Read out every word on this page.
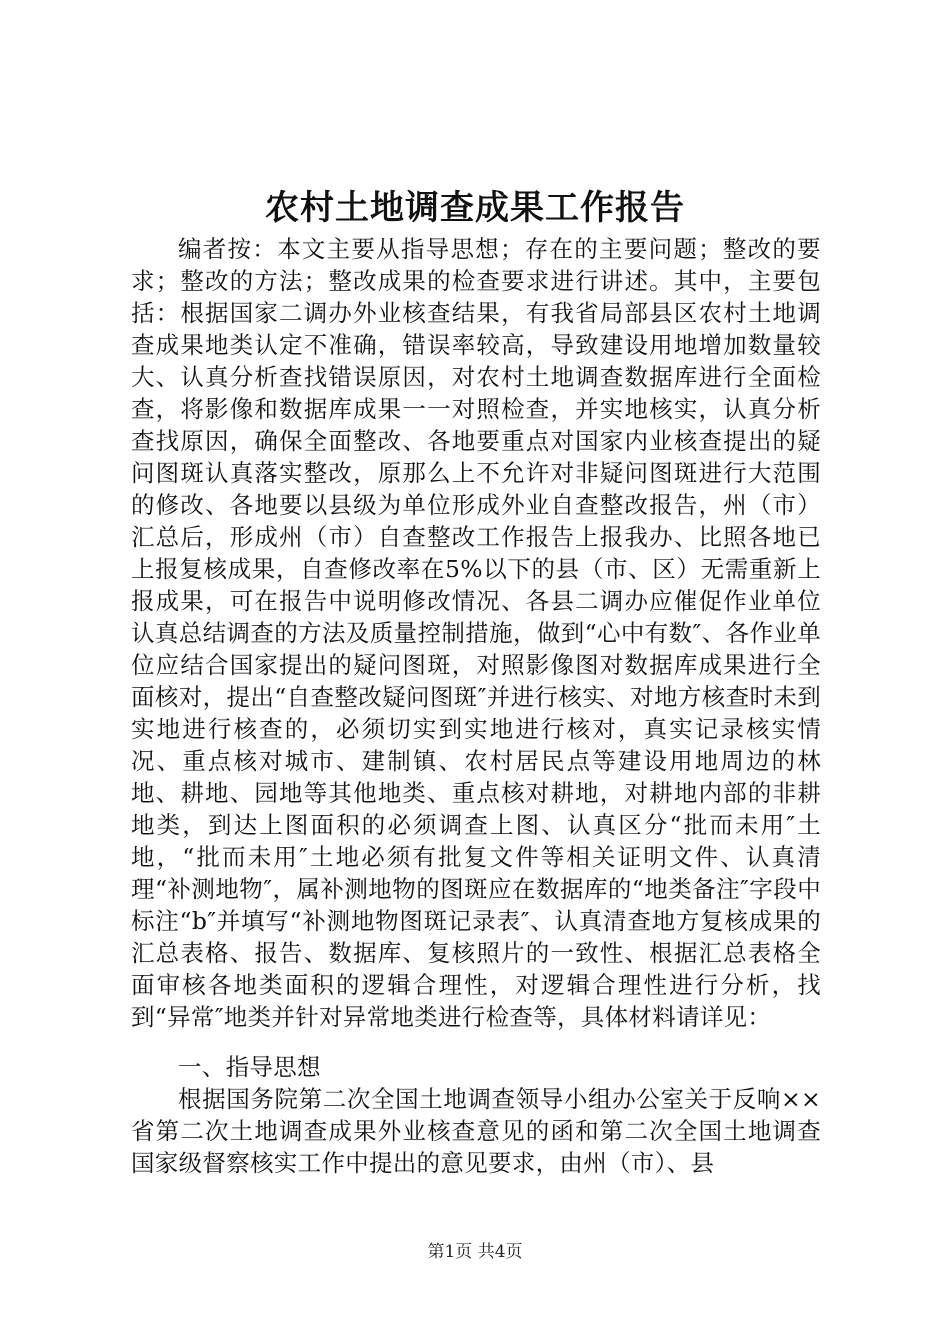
农村土地调查成果工作报告

编者按：本文主要从指导思想；存在的主要问题；整改的要求；整改的方法；整改成果的检查要求进行讲述。其中，主要包括：根据国家二调办外业核查结果，有我省局部县区农村土地调查成果地类认定不准确，错误率较高，导致建设用地增加数量较大、认真分析查找错误原因，对农村土地调查数据库进行全面检查，将影像和数据库成果一一对照检查，并实地核实，认真分析查找原因，确保全面整改、各地要重点对国家内业核查提出的疑问图斑认真落实整改，原那么上不允许对非疑问图斑进行大范围的修改、各地要以县级为单位形成外业自查整改报告，州（市）汇总后，形成州（市）自查整改工作报告上报我办、比照各地已上报复核成果，自查修改率在5%以下的县（市、区）无需重新上报成果，可在报告中说明修改情况、各县二调办应催促作业单位认真总结调查的方法及质量控制措施，做到“心中有数″、各作业单位应结合国家提出的疑问图斑，对照影像图对数据库成果进行全面核对，提出“自查整改疑问图斑″并进行核实、对地方核查时未到实地进行核查的，必须切实到实地进行核对，真实记录核实情况、重点核对城市、建制镇、农村居民点等建设用地周边的林地、耕地、园地等其他地类、重点核对耕地，对耕地内部的非耕地类，到达上图面积的必须调查上图、认真区分“批而未用″土地，“批而未用″土地必须有批复文件等相关证明文件、认真清理“补测地物″，属补测地物的图斑应在数据库的“地类备注″字段中标注“b″并填写“补测地物图斑记录表″、认真清查地方复核成果的汇总表格、报告、数据库、复核照片的一致性、根据汇总表格全面审核各地类面积的逻辑合理性，对逻辑合理性进行分析，找到“异常″地类并针对异常地类进行检查等，具体材料请详见：

一、指导思想

根据国务院第二次全国土地调查领导小组办公室关于反响××省第二次土地调查成果外业核查意见的函和第二次全国土地调查国家级督察核实工作中提出的意见要求，由州（市）、县

第1页 共4页
